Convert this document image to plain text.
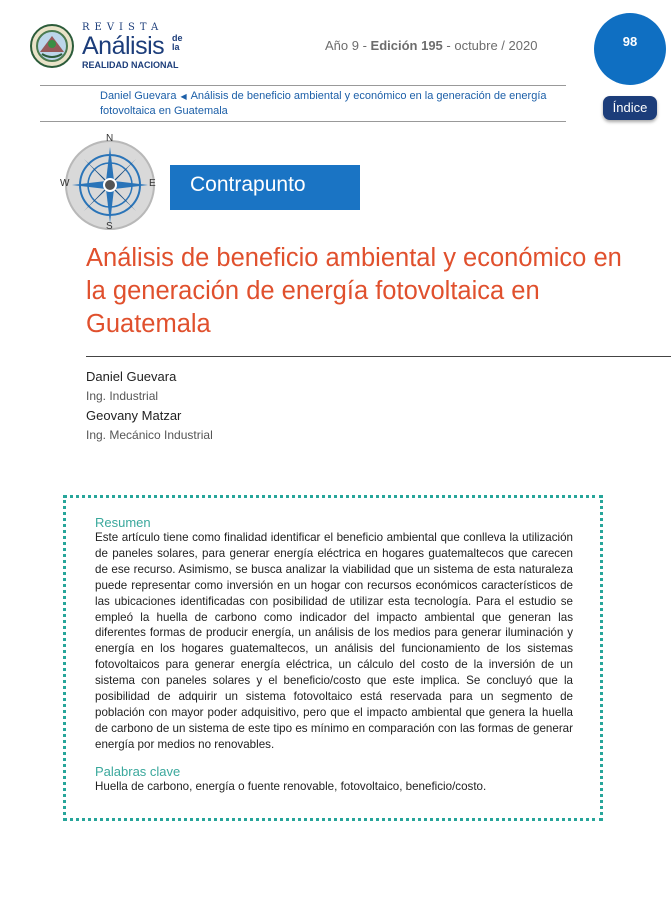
REVISTA
Análisis de la
REALIDAD NACIONAL
Año 9 - Edición 195 - octubre / 2020	98
Daniel Guevara ◀ Análisis de beneficio ambiental y económico en la generación de energía fotovoltaica en Guatemala	Índice
Contrapunto
N
S
W	E
Análisis de beneficio ambiental y económico en la generación de energía fotovoltaica en Guatemala
Daniel Guevara
Ing. Industrial
Geovany Matzar
Ing. Mecánico Industrial
Resumen

Este artículo tiene como finalidad identificar el beneficio ambiental que conlleva la utilización de paneles solares, para generar energía eléctrica en hogares guatemaltecos que carecen de ese recurso. Asimismo, se busca analizar la viabilidad que un sistema de esta naturaleza puede representar como inversión en un hogar con recursos económicos característicos de las ubicaciones identificadas con posibilidad de utilizar esta tecnología. Para el estudio se empleó la huella de carbono como indicador del impacto ambiental que generan las diferentes formas de producir energía, un análisis de los medios para generar iluminación y energía en los hogares guatemaltecos, un análisis del funcionamiento de los sistemas fotovoltaicos para generar energía eléctrica, un cálculo del costo de la inversión de un sistema con paneles solares y el beneficio/costo que este implica. Se concluyó que la posibilidad de adquirir un sistema fotovoltaico está reservada para un segmento de población con mayor poder adquisitivo, pero que el impacto ambiental que genera la huella de carbono de un sistema de este tipo es mínimo en comparación con las formas de generar energía por medios no renovables.

Palabras clave

Huella de carbono, energía o fuente renovable, fotovoltaico, beneficio/costo.
